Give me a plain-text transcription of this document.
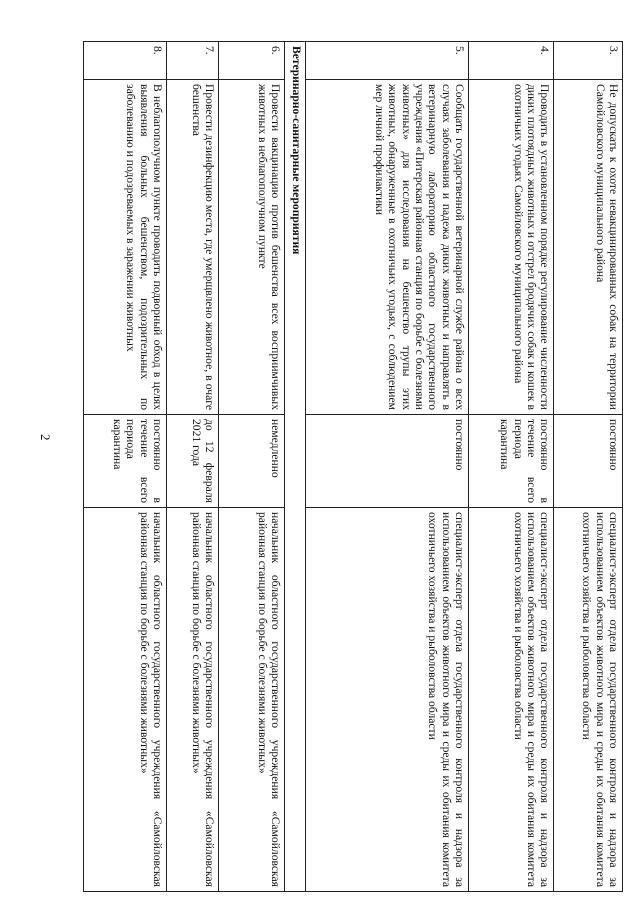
2
3.	Не допускать к охоте невакцинированных собак на территории Самойловского муниципального района	постоянно	специалист-эксперт отдела государственного контроля и надзора за использованием объектов животного мира и среды их обитания комитета охотничьего хозяйства и рыболовства области
4.	Проводить в установленном порядке регулирование численности диких плотоядных животных и отстрел бродячих собак и кошек в охотничьих угодьях Самойловского муниципального района	постоянно в течение всего периода карантина	специалист-эксперт отдела государственного контроля и надзора за использованием объектов животного мира и среды их обитания комитета охотничьего хозяйства и рыболовства области
5.	Сообщать государственной ветеринарной службе района о всех случаях заболевания и падежа диких животных и направлять в ветеринарную лабораторию областного государственного учреждения «Питерская районная станция по борьбе с болезнями животных» для исследования на бешенство трупы этих животных, обнаруженные в охотничьих угодьях, с соблюдением мер личной профилактики	постоянно	специалист-эксперт отдела государственного контроля и надзора за использованием объектов животного мира и среды их обитания комитета охотничьего хозяйства и рыболовства области
Ветеринарно-санитарные мероприятия			
6.	Провести вакцинацию против бешенства всех восприимчивых животных в неблагополучном пункте	немедленно	начальник областного государственного учреждения «Самойловская районная станция по борьбе с болезнями животных»
7.	Провести дезинфекцию места, где умерщвлено животное, в очаге бешенства	до 12 февраля 2021 года	начальник областного государственного учреждения «Самойловская районная станция по борьбе с болезнями животных»
8.	В неблагополучном пункте проводить подворный обход в целях выявления больных бешенством, подозрительных по заболеванию и подозреваемых в заражении животных	постоянно в течение всего периода карантина	начальник областного государственного учреждения «Самойловская районная станция по борьбе с болезнями животных»
